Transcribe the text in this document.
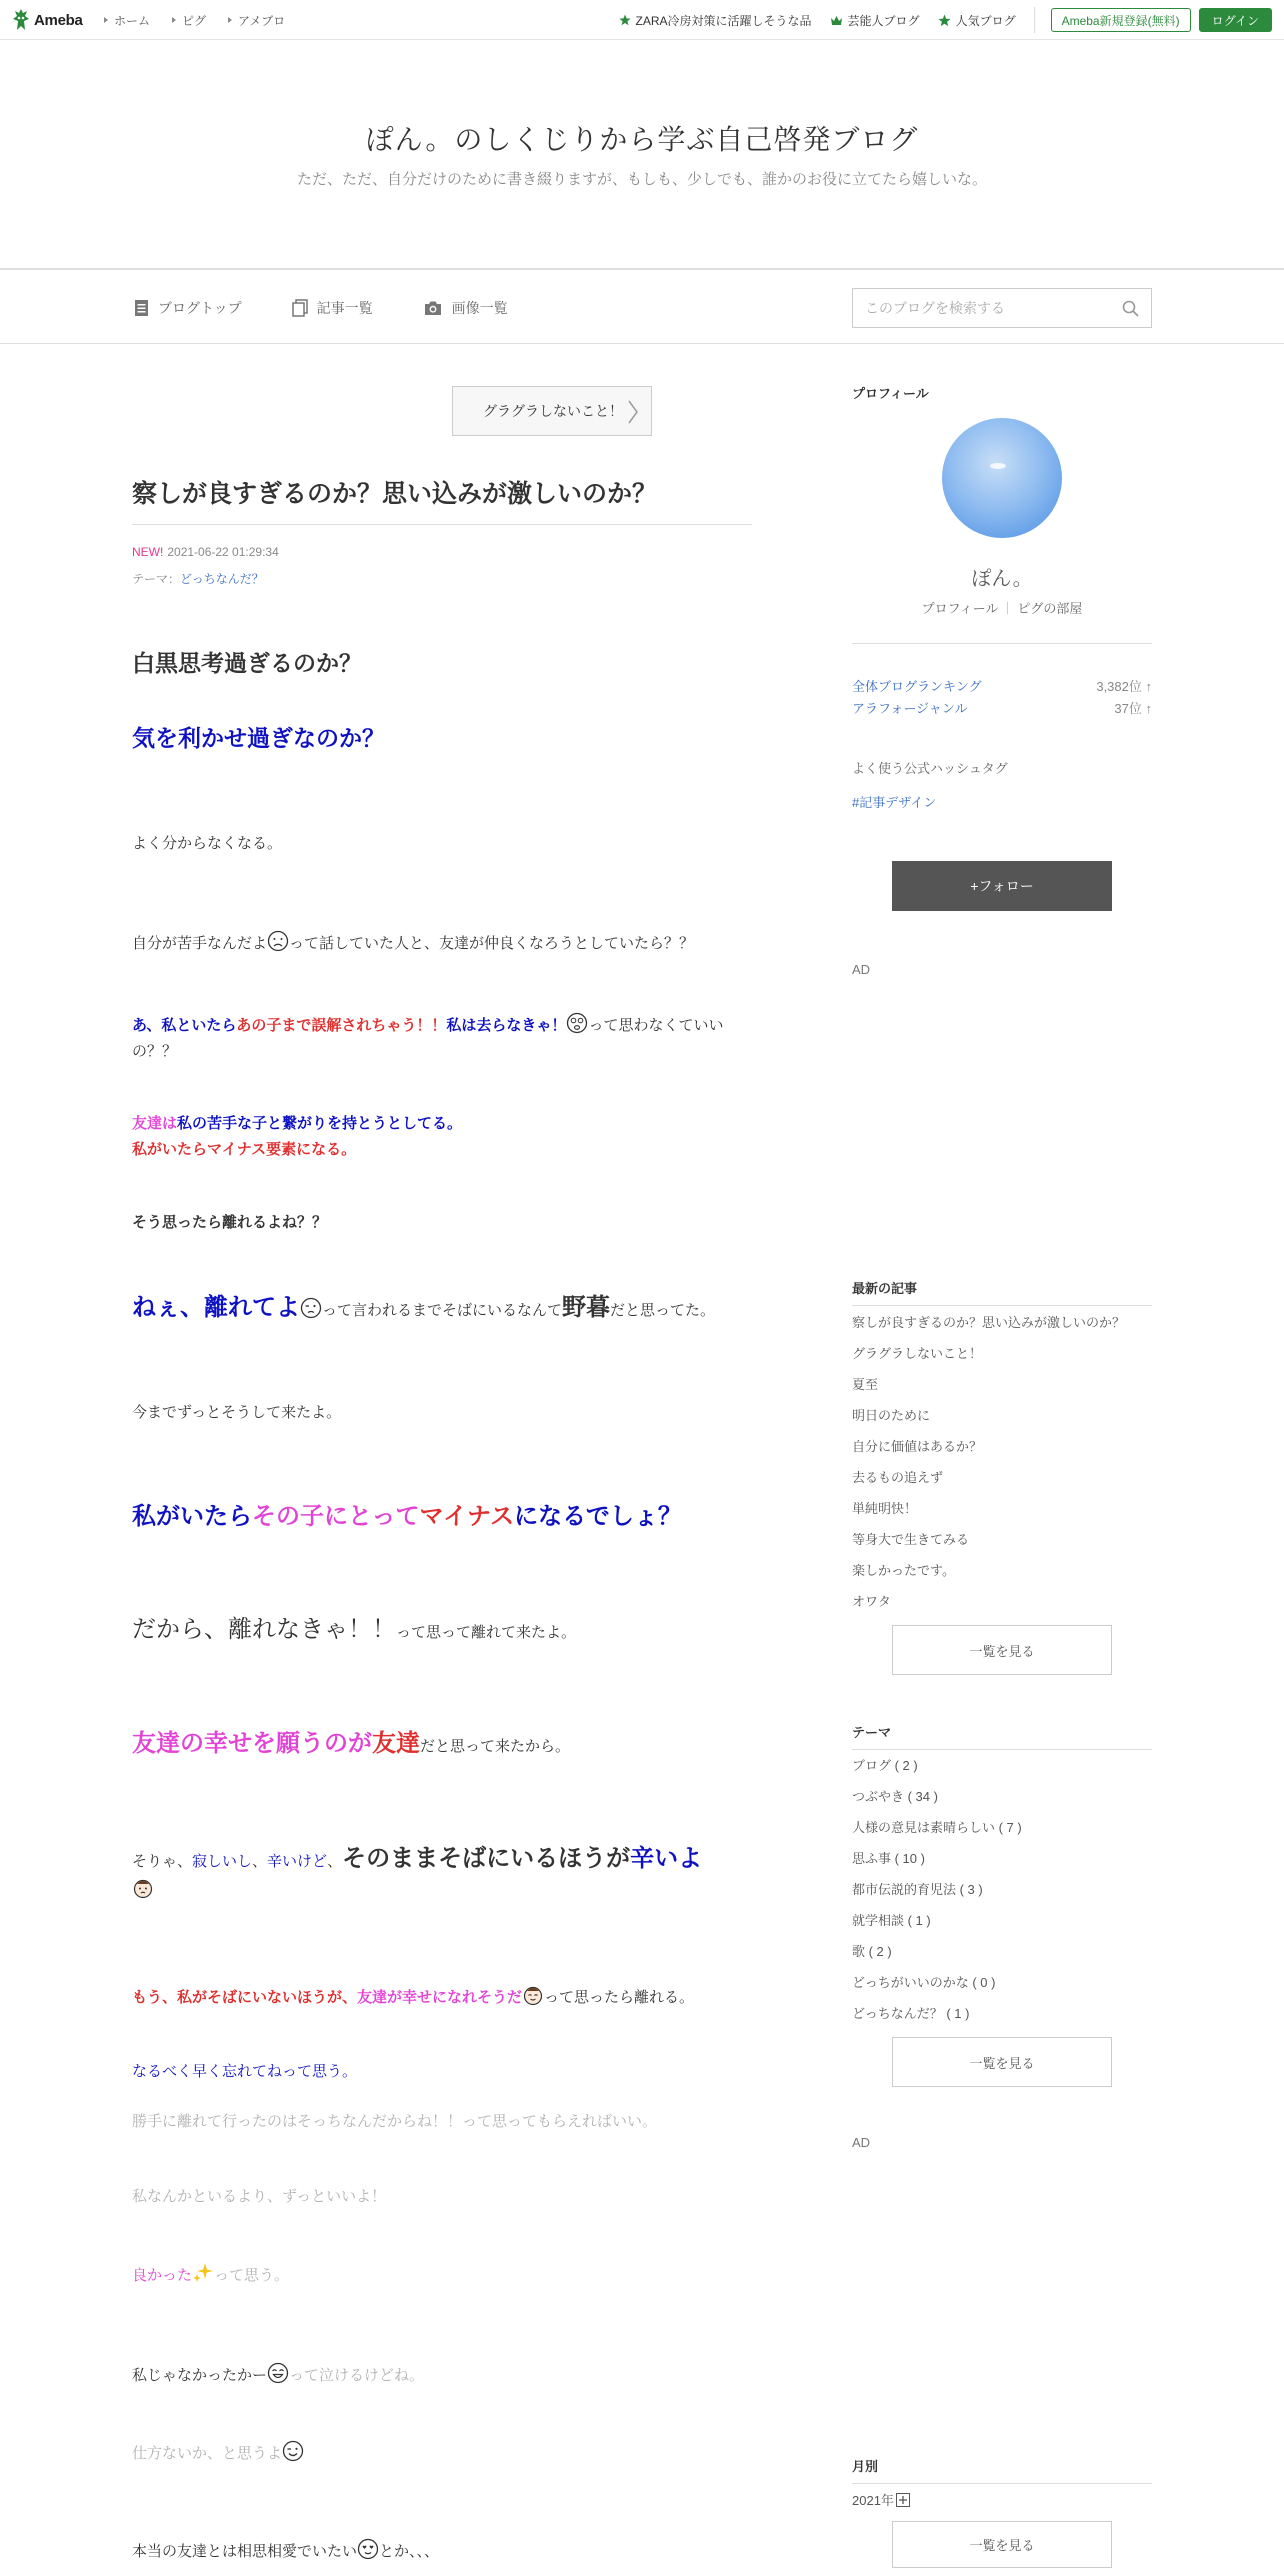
Ameba	ホーム	ピグ	アメブロ	ZARA冷房対策に活躍しそうな品	芸能人ブログ	人気ブログ	Ameba新規登録(無料)	ログイン
ぽん。のしくじりから学ぶ自己啓発ブログ

ただ、ただ、自分だけのために書き綴りますが、もしも、少しでも、誰かのお役に立てたら嬉しいな。

ブログトップ	記事一覧	画像一覧
このブログを検索する
グラグラしないこと！
察しが良すぎるのか？思い込みが激しいのか？
NEW! 2021-06-22 01:29:34
テーマ：どっちなんだ？
白黒思考過ぎるのか？
気を利かせ過ぎなのか？
よく分からなくなる。
自分が苦手なんだよ って話していた人と、友達が仲良くなろうとしていたら？？
あ、私といたらあの子まで誤解されちゃう！！私は去らなきゃ！ って思わなくていいの？？
友達は私の苦手な子と繋がりを持とうとしてる。
私がいたらマイナス要素になる。
そう思ったら離れるよね？？
ねぇ、離れてよ って言われるまでそばにいるなんて野暮だと思ってた。
今までずっとそうして来たよ。
私がいたらその子にとってマイナスになるでしょ？
だから、離れなきゃ！！って思って離れて来たよ。
友達の幸せを願うのが友達だと思って来たから。
そりゃ、寂しいし、辛いけど、そのままそばにいるほうが辛いよ

もう、私がそばにいないほうが、友達が幸せになれそうだ って思ったら離れる。
なるべく早く忘れてねって思う。
勝手に離れて行ったのはそっちなんだからね！！って思ってもらえればいい。
私なんかといるより、ずっといいよ！
良かった って思う。
私じゃなかったかー って泣けるけどね。
仕方ないか、と思うよ
本当の友達とは相思相愛でいたい とか、、、
プロフィール
ぽん。
プロフィール ピグの部屋
全体ブログランキング	3,382位 ↑
アラフォージャンル	37位 ↑
よく使う公式ハッシュタグ
#記事デザイン
+フォロー
AD
最新の記事
察しが良すぎるのか？思い込みが激しいのか？
グラグラしないこと！
夏至
明日のために
自分に価値はあるか？
去るもの追えず
単純明快！
等身大で生きてみる
楽しかったです。
オワタ
一覧を見る
テーマ
ブログ ( 2 )
つぶやき ( 34 )
人様の意見は素晴らしい ( 7 )
思ふ事 ( 10 )
都市伝説的育児法 ( 3 )
就学相談 ( 1 )
歌 ( 2 )
どっちがいいのかな ( 0 )
どっちなんだ？ ( 1 )
一覧を見る
AD
月別
2021年
一覧を見る
